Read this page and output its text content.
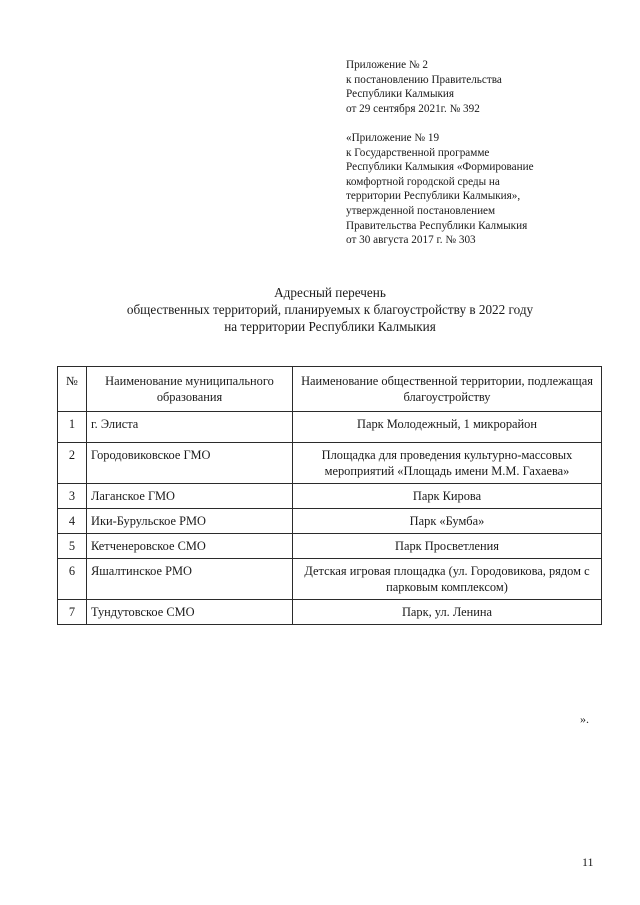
Приложение № 2
к постановлению Правительства
Республики Калмыкия
от 29 сентября 2021г. № 392
«Приложение № 19
к Государственной программе
Республики Калмыкия «Формирование
комфортной городской среды на
территории Республики Калмыкия»,
утвержденной постановлением
Правительства Республики Калмыкия
от 30 августа 2017 г. № 303
Адресный перечень
общественных территорий, планируемых к благоустройству в 2022 году
на территории Республики Калмыкия
№	Наименование муниципального образования	Наименование общественной территории, подлежащая благоустройству
1	г. Элиста	Парк Молодежный, 1 микрорайон
2	Городовиковское ГМО	Площадка для проведения культурно-массовых мероприятий «Площадь имени М.М. Гахаева»
3	Лаганское ГМО	Парк Кирова
4	Ики-Бурульское РМО	Парк «Бумба»
5	Кетченеровское СМО	Парк Просветления
6	Яшалтинское РМО	Детская игровая площадка (ул. Городовикова, рядом с парковым комплексом)
7	Тундутовское СМО	Парк, ул. Ленина
».
11
